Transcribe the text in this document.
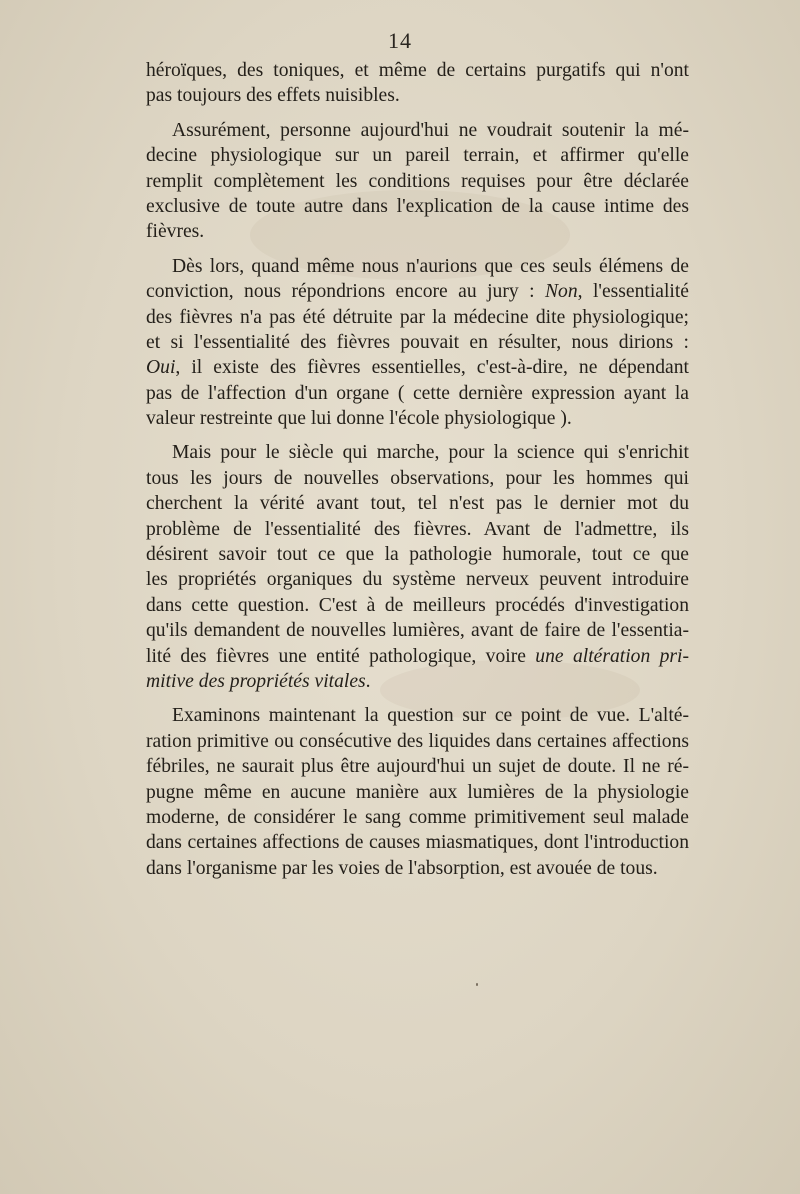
14
héroïques, des toniques, et même de certains purgatifs qui n'ont
pas toujours des effets nuisibles.
Assurément, personne aujourd'hui ne voudrait soutenir la mé-
decine physiologique sur un pareil terrain, et affirmer qu'elle
remplit complètement les conditions requises pour être déclarée
exclusive de toute autre dans l'explication de la cause intime des
fièvres.
Dès lors, quand même nous n'aurions que ces seuls élémens de
conviction, nous répondrions encore au jury : Non, l'essentialité
des fièvres n'a pas été détruite par la médecine dite physiologique;
et si l'essentialité des fièvres pouvait en résulter, nous dirions :
Oui, il existe des fièvres essentielles, c'est-à-dire, ne dépendant
pas de l'affection d'un organe ( cette dernière expression ayant la
valeur restreinte que lui donne l'école physiologique ).
Mais pour le siècle qui marche, pour la science qui s'enrichit
tous les jours de nouvelles observations, pour les hommes qui
cherchent la vérité avant tout, tel n'est pas le dernier mot du
problème de l'essentialité des fièvres. Avant de l'admettre, ils
désirent savoir tout ce que la pathologie humorale, tout ce que
les propriétés organiques du système nerveux peuvent introduire
dans cette question. C'est à de meilleurs procédés d'investigation
qu'ils demandent de nouvelles lumières, avant de faire de l'essentia-
lité des fièvres une entité pathologique, voire une altération pri-
mitive des propriétés vitales.
Examinons maintenant la question sur ce point de vue. L'alté-
ration primitive ou consécutive des liquides dans certaines affections
fébriles, ne saurait plus être aujourd'hui un sujet de doute. Il ne ré-
pugne même en aucune manière aux lumières de la physiologie
moderne, de considérer le sang comme primitivement seul malade
dans certaines affections de causes miasmatiques, dont l'introduction
dans l'organisme par les voies de l'absorption, est avouée de tous.
